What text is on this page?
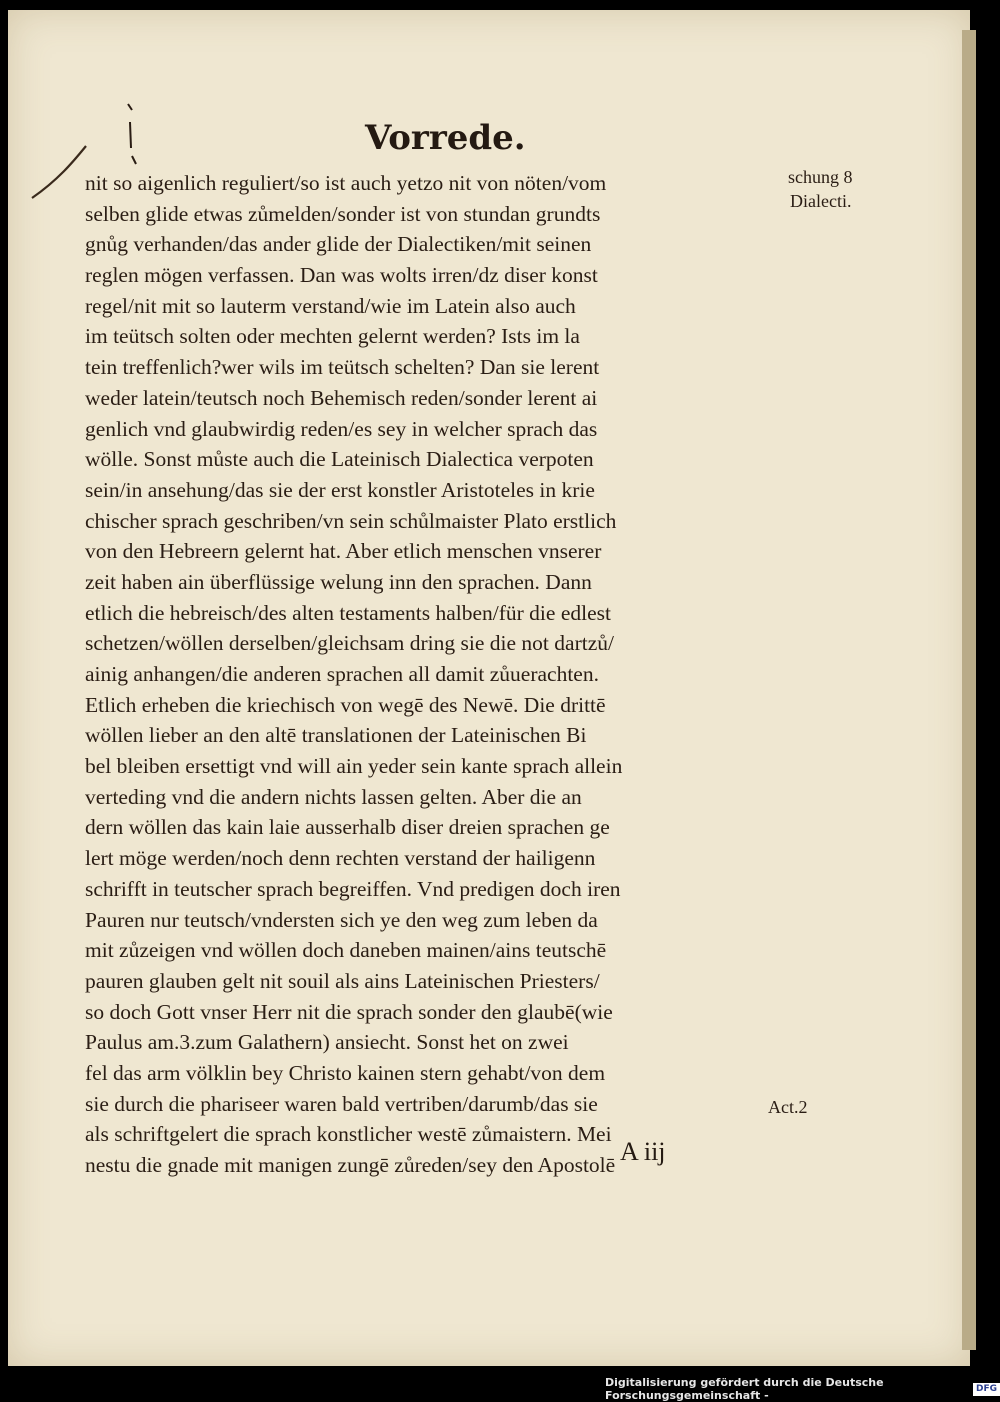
Vorrede.
nit so aigenlich reguliert/so ist auch yetzo nit von nöten/vom
selben glide etwas zůmelden/sonder ist von stundan grundts
gnůg verhanden/das ander glide der Dialectiken/mit seinen
reglen mögen verfassen. Dan was wolts irren/dz diser konst
regel/nit mit so lauterm verstand/wie im Latein also auch
im teütsch solten oder mechten gelernt werden? Ists im la
tein treffenlich?wer wils im teütsch schelten? Dan sie lerent
weder latein/teutsch noch Behemisch reden/sonder lerent ai
genlich vnd glaubwirdig reden/es sey in welcher sprach das
wölle. Sonst můste auch die Lateinisch Dialectica verpoten
sein/in ansehung/das sie der erst konstler Aristoteles in krie
chischer sprach geschriben/vn sein schůlmaister Plato erstlich
von den Hebreern gelernt hat. Aber etlich menschen vnserer
zeit haben ain überflüssige welung inn den sprachen. Dann
etlich die hebreisch/des alten testaments halben/für die edlest
schetzen/wöllen derselben/gleichsam dring sie die not dartzů/
ainig anhangen/die anderen sprachen all damit zůuerachten.
Etlich erheben die kriechisch von wegē des Newē. Die drittē
wöllen lieber an den altē translationen der Lateinischen Bi
bel bleiben ersettigt vnd will ain yeder sein kante sprach allein
verteding vnd die andern nichts lassen gelten. Aber die an
dern wöllen das kain laie ausserhalb diser dreien sprachen ge
lert möge werden/noch denn rechten verstand der hailigenn
schrifft in teutscher sprach begreiffen. Vnd predigen doch iren
Pauren nur teutsch/vndersten sich ye den weg zum leben da
mit zůzeigen vnd wöllen doch daneben mainen/ains teutschē
pauren glauben gelt nit souil als ains Lateinischen Priesters/
so doch Gott vnser Herr nit die sprach sonder den glaubē(wie
Paulus am.3.zum Galathern) ansiecht. Sonst het on zwei
fel das arm völklin bey Christo kainen stern gehabt/von dem
sie durch die phariseer waren bald vertriben/darumb/das sie
als schriftgelert die sprach konstlicher westē zůmaistern. Mei
nestu die gnade mit manigen zungē zůreden/sey den Apostolē
schung 8
Dialecti.
Act.2
A iij
Digitalisierung gefördert durch die Deutsche Forschungsgemeinschaft -
DFG
